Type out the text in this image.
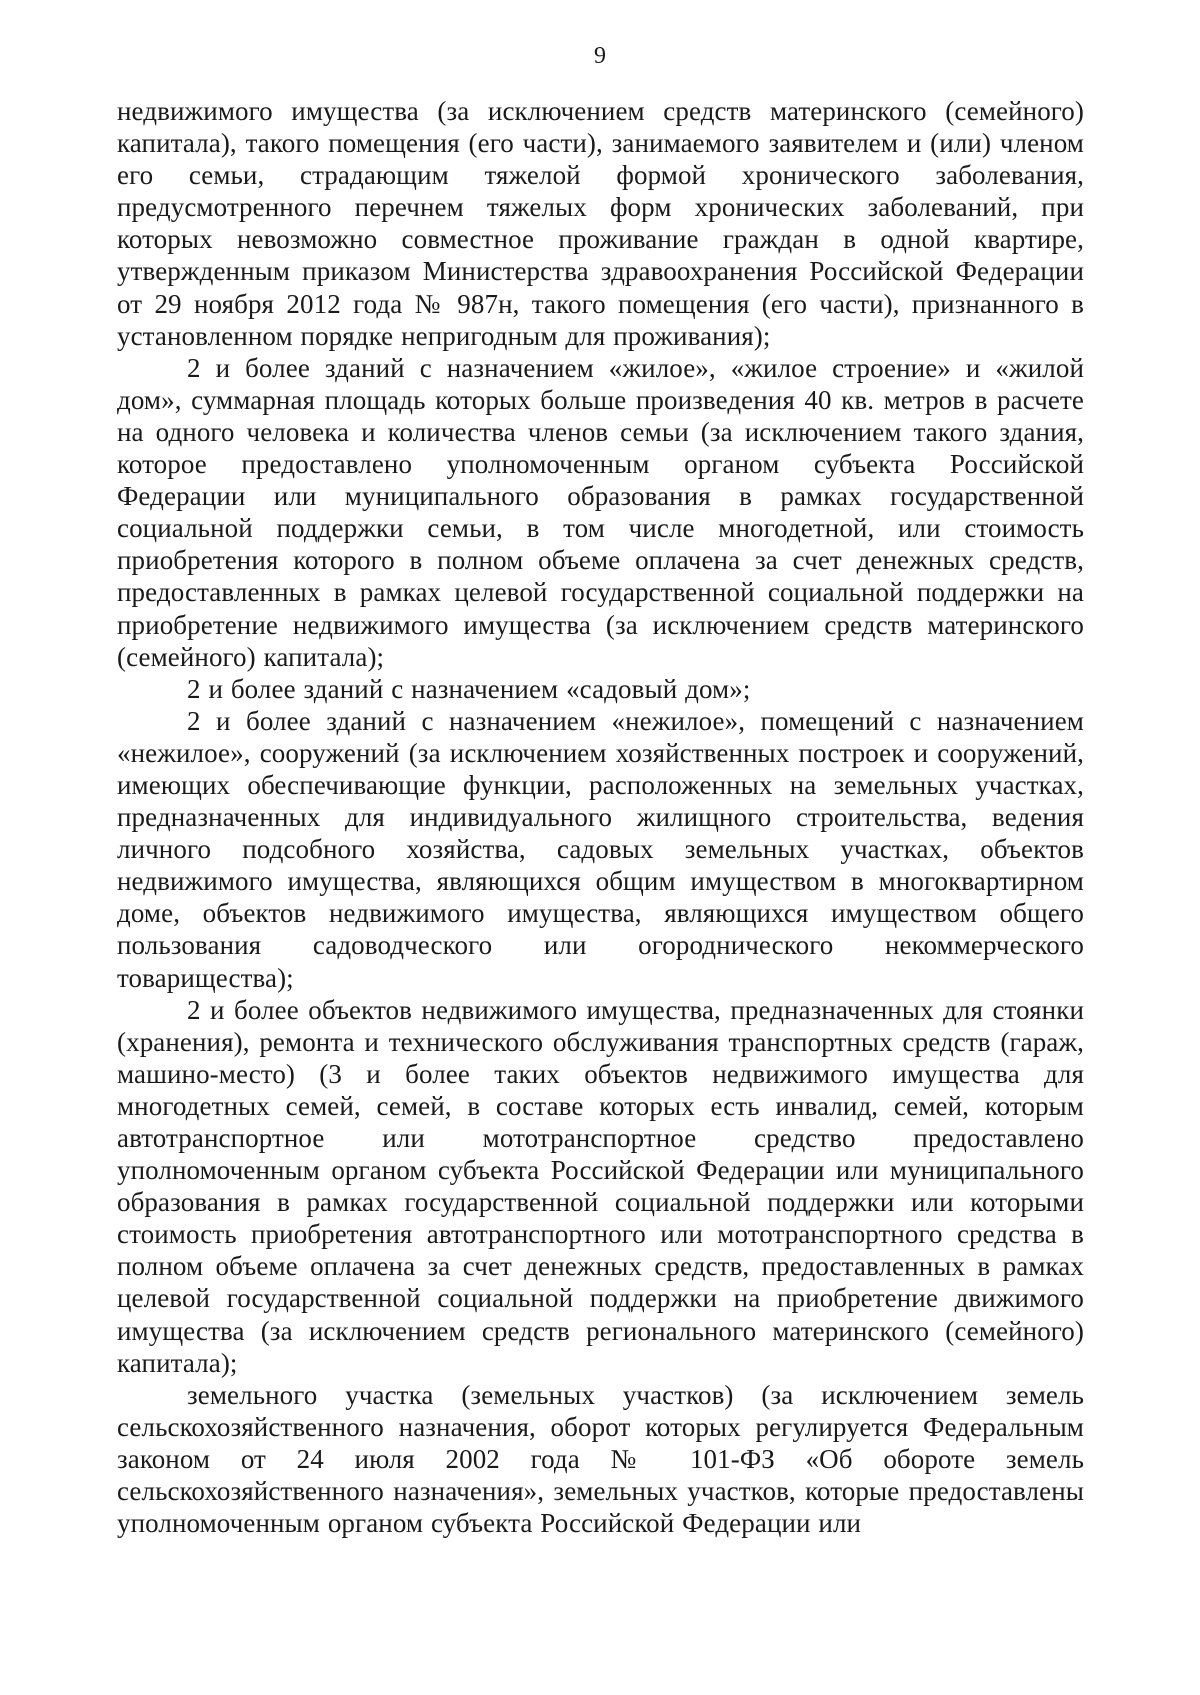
9

недвижимого имущества (за исключением средств материнского (семейного) капитала), такого помещения (его части), занимаемого заявителем и (или) членом его семьи, страдающим тяжелой формой хронического заболевания, предусмотренного перечнем тяжелых форм хронических заболеваний, при которых невозможно совместное проживание граждан в одной квартире, утвержденным приказом Министерства здравоохранения Российской Федерации от 29 ноября 2012 года № 987н, такого помещения (его части), признанного в установленном порядке непригодным для проживания);

2 и более зданий с назначением «жилое», «жилое строение» и «жилой дом», суммарная площадь которых больше произведения 40 кв. метров в расчете на одного человека и количества членов семьи (за исключением такого здания, которое предоставлено уполномоченным органом субъекта Российской Федерации или муниципального образования в рамках государственной социальной поддержки семьи, в том числе многодетной, или стоимость приобретения которого в полном объеме оплачена за счет денежных средств, предоставленных в рамках целевой государственной социальной поддержки на приобретение недвижимого имущества (за исключением средств материнского (семейного) капитала);

2 и более зданий с назначением «садовый дом»;

2 и более зданий с назначением «нежилое», помещений с назначением «нежилое», сооружений (за исключением хозяйственных построек и сооружений, имеющих обеспечивающие функции, расположенных на земельных участках, предназначенных для индивидуального жилищного строительства, ведения личного подсобного хозяйства, садовых земельных участках, объектов недвижимого имущества, являющихся общим имуществом в многоквартирном доме, объектов недвижимого имущества, являющихся имуществом общего пользования садоводческого или огороднического некоммерческого товарищества);

2 и более объектов недвижимого имущества, предназначенных для стоянки (хранения), ремонта и технического обслуживания транспортных средств (гараж, машино-место) (3 и более таких объектов недвижимого имущества для многодетных семей, семей, в составе которых есть инвалид, семей, которым автотранспортное или мототранспортное средство предоставлено уполномоченным органом субъекта Российской Федерации или муниципального образования в рамках государственной социальной поддержки или которыми стоимость приобретения автотранспортного или мототранспортного средства в полном объеме оплачена за счет денежных средств, предоставленных в рамках целевой государственной социальной поддержки на приобретение движимого имущества (за исключением средств регионального материнского (семейного) капитала);

земельного участка (земельных участков) (за исключением земель сельскохозяйственного назначения, оборот которых регулируется Федеральным законом от 24 июля 2002 года № 101-ФЗ «Об обороте земель сельскохозяйственного назначения», земельных участков, которые предоставлены уполномоченным органом субъекта Российской Федерации или
